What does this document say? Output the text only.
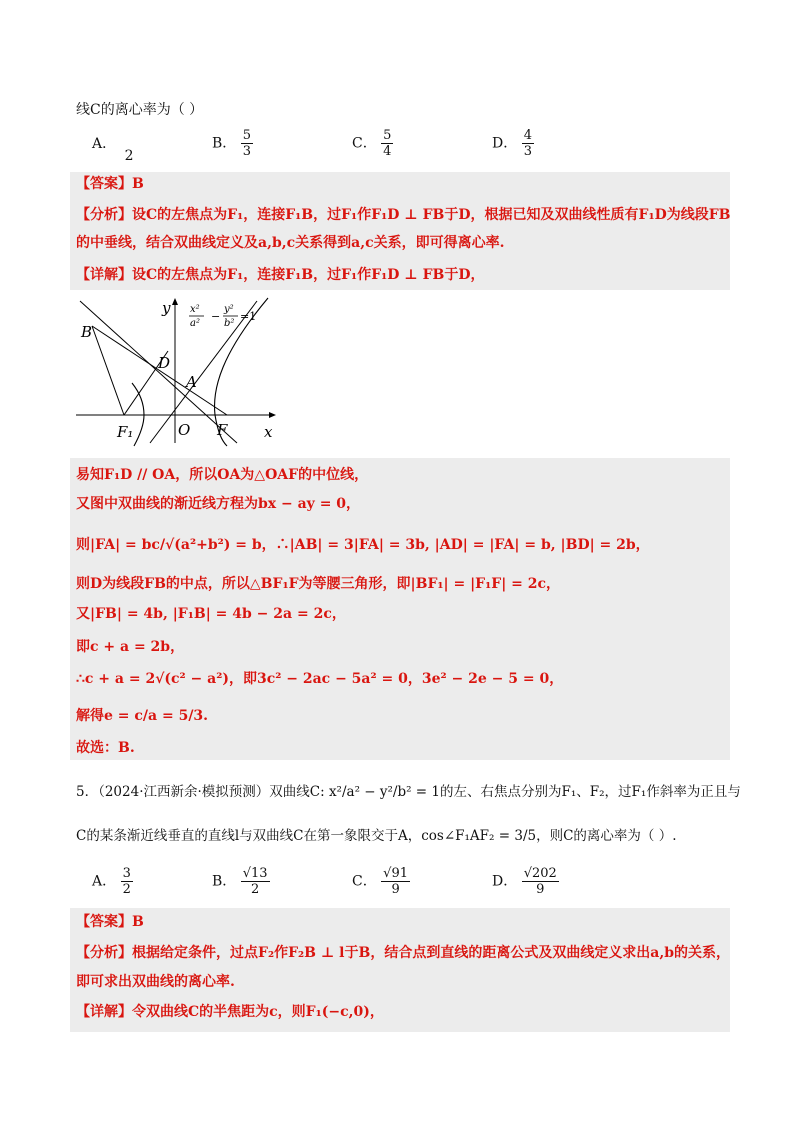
线C的离心率为（ ）
A． 2
B． $\frac{5}{3}$	C． $\frac{5}{4}$	D． $\frac{4}{3}$
【答案】B
【分析】设C的左焦点为F₁，连接F₁B，过F₁作F₁D ⊥ FB于D，根据已知及双曲线性质有F₁D为线段FB
的中垂线，结合双曲线定义及a,b,c关系得到a,c关系，即可得离心率.
【详解】设C的左焦点为F₁，连接F₁B，过F₁作F₁D ⊥ FB于D，
x²
a²
−
y²
b²
=1
B
D
A
F₁	O F x
y
易知F₁D // OA，所以OA为△OAF的中位线，
又图中双曲线的渐近线方程为bx − ay = 0，
则|FA| = bc/√(a²+b²) = b，∴|AB| = 3|FA| = 3b, |AD| = |FA| = b, |BD| = 2b，
则D为线段FB的中点，所以△BF₁F为等腰三角形，即|BF₁| = |F₁F| = 2c，
又|FB| = 4b, |F₁B| = 4b − 2a = 2c，
即c + a = 2b，
∴c + a = 2√(c² − a²)，即3c² − 2ac − 5a² = 0，3e² − 2e − 5 = 0，
解得e = c/a = 5/3.
故选：B.
5．（2024·江西新余·模拟预测）双曲线C: x²/a² − y²/b² = 1的左、右焦点分别为F₁、F₂，过F₁作斜率为正且与
C的某条渐近线垂直的直线l与双曲线C在第一象限交于A，cos∠F₁AF₂ = 3/5，则C的离心率为（ ）.
A． $\frac{3}{2}$	B． $\frac{√13}{2}$	C． $\frac{√91}{9}$	D． $\frac{√202}{9}$
【答案】B
【分析】根据给定条件，过点F₂作F₂B ⊥ l于B，结合点到直线的距离公式及双曲线定义求出a,b的关系，
即可求出双曲线的离心率.
【详解】令双曲线C的半焦距为c，则F₁(−c,0)，
